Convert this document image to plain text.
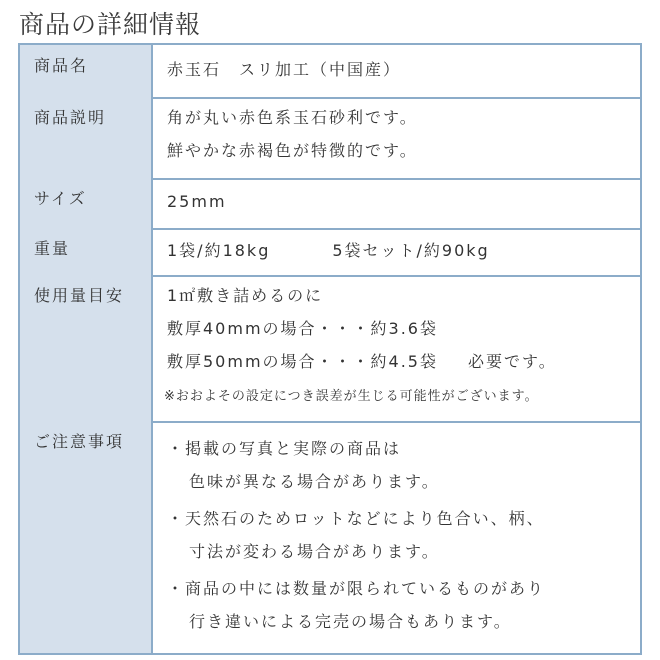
商品の詳細情報
商品名	赤玉石　スリ加工（中国産）
商品説明	角が丸い赤色系玉石砂利です。
鮮やかな赤褐色が特徴的です。
サイズ	25mm
重量	1袋/約18kg	5袋セット/約90kg
使用量目安	1㎡敷き詰めるのに
敷厚40mmの場合・・・約3.6袋
敷厚50mmの場合・・・約4.5袋 必要です。
※おおよその設定につき誤差が生じる可能性がございます。
ご注意事項	・掲載の写真と実際の商品は
色味が異なる場合があります。
・天然石のためロットなどにより色合い、柄、
寸法が変わる場合があります。
・商品の中には数量が限られているものがあり
行き違いによる完売の場合もあります。
